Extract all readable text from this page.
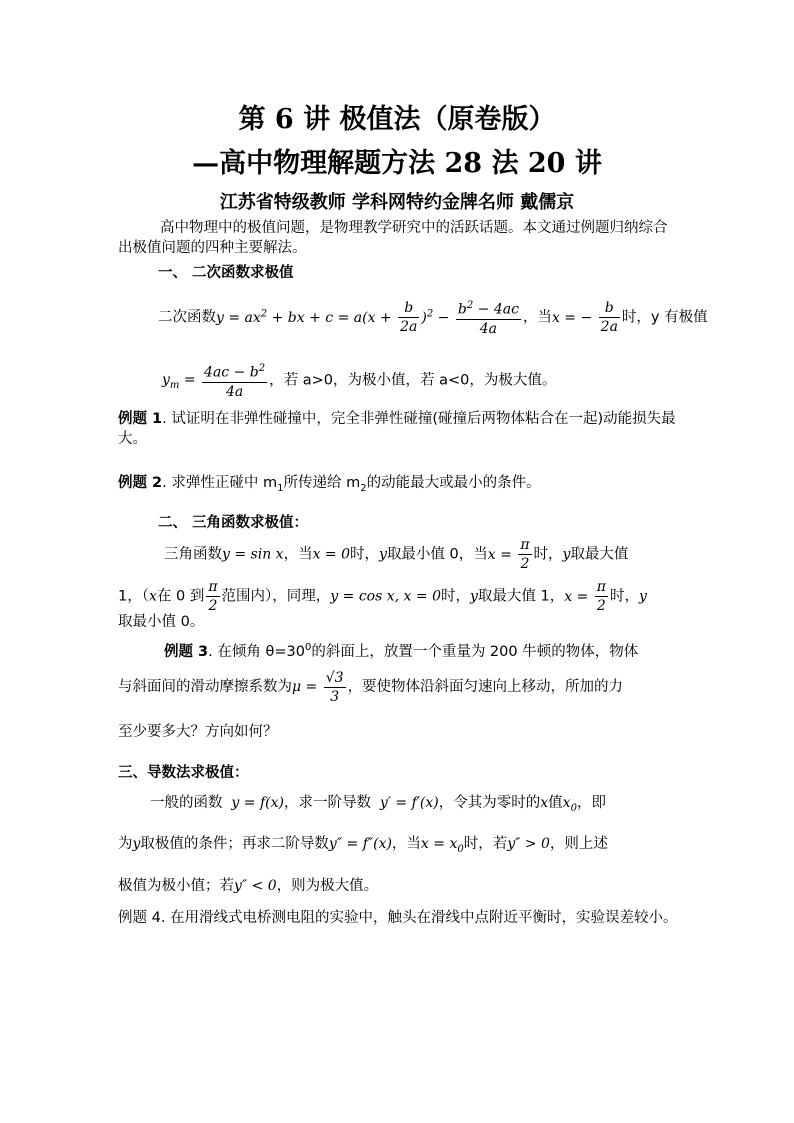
第 6 讲 极值法（原卷版）
—高中物理解题方法 28 法 20 讲
江苏省特级教师 学科网特约金牌名师 戴儒京
高中物理中的极值问题，是物理教学研究中的活跃话题。本文通过例题归纳综合出极值问题的四种主要解法。
一、 二次函数求极值
二次函数$y = ax^2$ + bx + $c = a(x + \frac{b}{2a} )^2 - \frac{b^2 - 4ac}{4a}$ ，当x = − $\frac{b}{2a}$ 时，y 有极值
$y_m = \frac{4ac - b^2}{4a}$ ，若 a>0，为极小值，若 a<0，为极大值。
例题 1. 试证明在非弹性碰撞中，完全非弹性碰撞(碰撞后两物体粘合在一起)动能损失最大。
例题 2. 求弹性正碰中 $m_1$所传递给 $m_2$的动能最大或最小的条件。
二、 三角函数求极值：
三角函数y = sin x，当x = 0时，y取最小值 0，当$x = \frac{\pi}{2}$ 时，y取最大值
1，（x在 0 到 $\frac{\pi}{2}$ 范围内），同理，y = cos x, x = 0时，y取最大值 1，$x = \frac{\pi}{2}$ 时，y
取最小值 0。
例题 3. 在倾角 $\theta=30^0$的斜面上，放置一个重量为 200 牛顿的物体，物体
与斜面间的滑动摩擦系数为$\mu = \frac{√3}{3}$ ，要使物体沿斜面匀速向上移动，所加的力
至少要多大？方向如何？
三、导数法求极值：
一般的函数  y = f(x)，求一阶导数  y′ = f′(x)，令其为零时的x值$x_0$，即
为y取极值的条件；再求二阶导数y″ = f″(x)，当$x = x_0$时，若y″ > 0，则上述
极值为极小值；若y″ < 0，则为极大值。
例题 4. 在用滑线式电桥测电阻的实验中，触头在滑线中点附近平衡时，实验误差较小。
